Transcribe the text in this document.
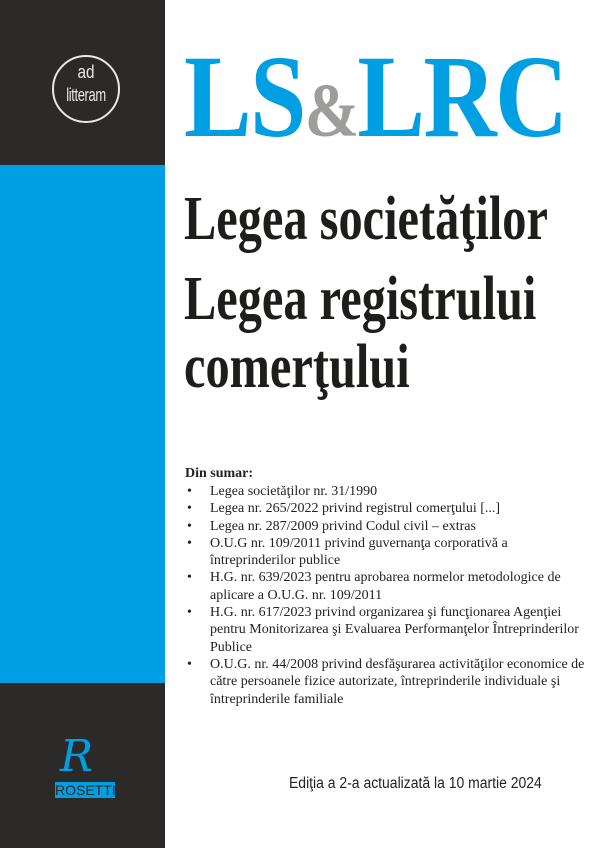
ad
litteram LS&LRC
Legea societăţilor
Legea registrului
comerţului
Din sumar:
• Legea societăţilor nr. 31/1990
• Legea nr. 265/2022 privind registrul comerţului [...]
• Legea nr. 287/2009 privind Codul civil – extras
• O.U.G nr. 109/2011 privind guvernanţa corporativă a întreprinderilor publice
• H.G. nr. 639/2023 pentru aprobarea normelor metodologice de aplicare a O.U.G. nr. 109/2011
• H.G. nr. 617/2023 privind organizarea şi funcţionarea Agenţiei pentru Monitorizarea şi Evaluarea Performanţelor Întreprinderilor Publice
• O.U.G. nr. 44/2008 privind desfăşurarea activităţilor economice de către persoanele fizice autorizate, întreprinderile individuale şi întreprinderile familiale
R
ROSETTI	Ediţia a 2-a actualizată la 10 martie 2024
